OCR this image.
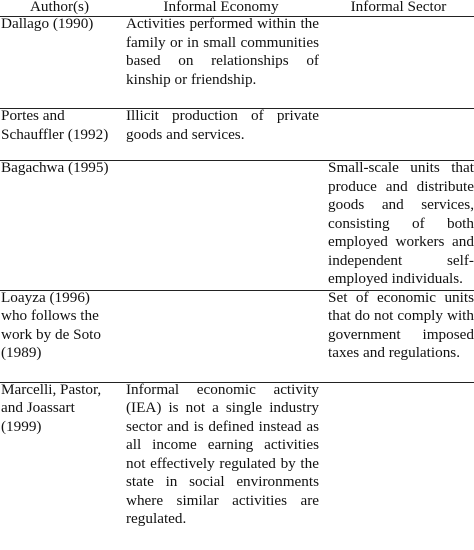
Author(s)	Informal Economy	Informal Sector

Dallago (1990)	Activities performed within the family or in small communities based on relationships of kinship or friendship.	

Portes and Schauffler (1992)	Illicit production of private goods and services.	

Bagachwa (1995)		Small-scale units that produce and distribute goods and services, consisting of both employed workers and independent self-employed individuals.

Loayza (1996) who follows the work by de Soto (1989)		Set of economic units that do not comply with government imposed taxes and regulations.

Marcelli, Pastor, and Joassart (1999)	Informal economic activity (IEA) is not a single industry sector and is defined instead as all income earning activities not effectively regulated by the state in social environments where similar activities are regulated.	
